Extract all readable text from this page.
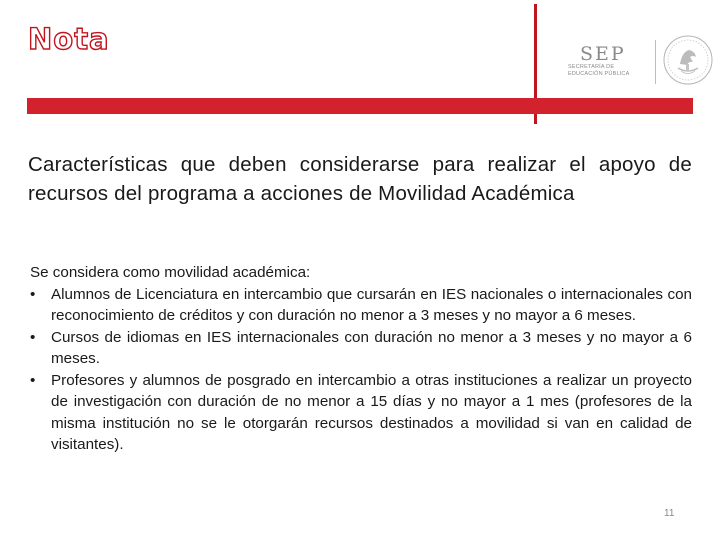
Nota	SEP
SECRETARÍA DE
EDUCACIÓN PÚBLICA
Características que deben considerarse para realizar el apoyo de recursos del programa a acciones de Movilidad Académica

Se considera como movilidad académica:

• Alumnos de Licenciatura en intercambio que cursarán en IES nacionales o internacionales con reconocimiento de créditos y con duración no menor a 3 meses y no mayor a 6 meses.
• Cursos de idiomas en IES internacionales con duración no menor a 3 meses y no mayor a 6 meses.
• Profesores y alumnos de posgrado en intercambio a otras instituciones a realizar un proyecto de investigación con duración de no menor a 15 días y no mayor a 1 mes (profesores de la misma institución no se le otorgarán recursos destinados a movilidad si van en calidad de visitantes).
11
